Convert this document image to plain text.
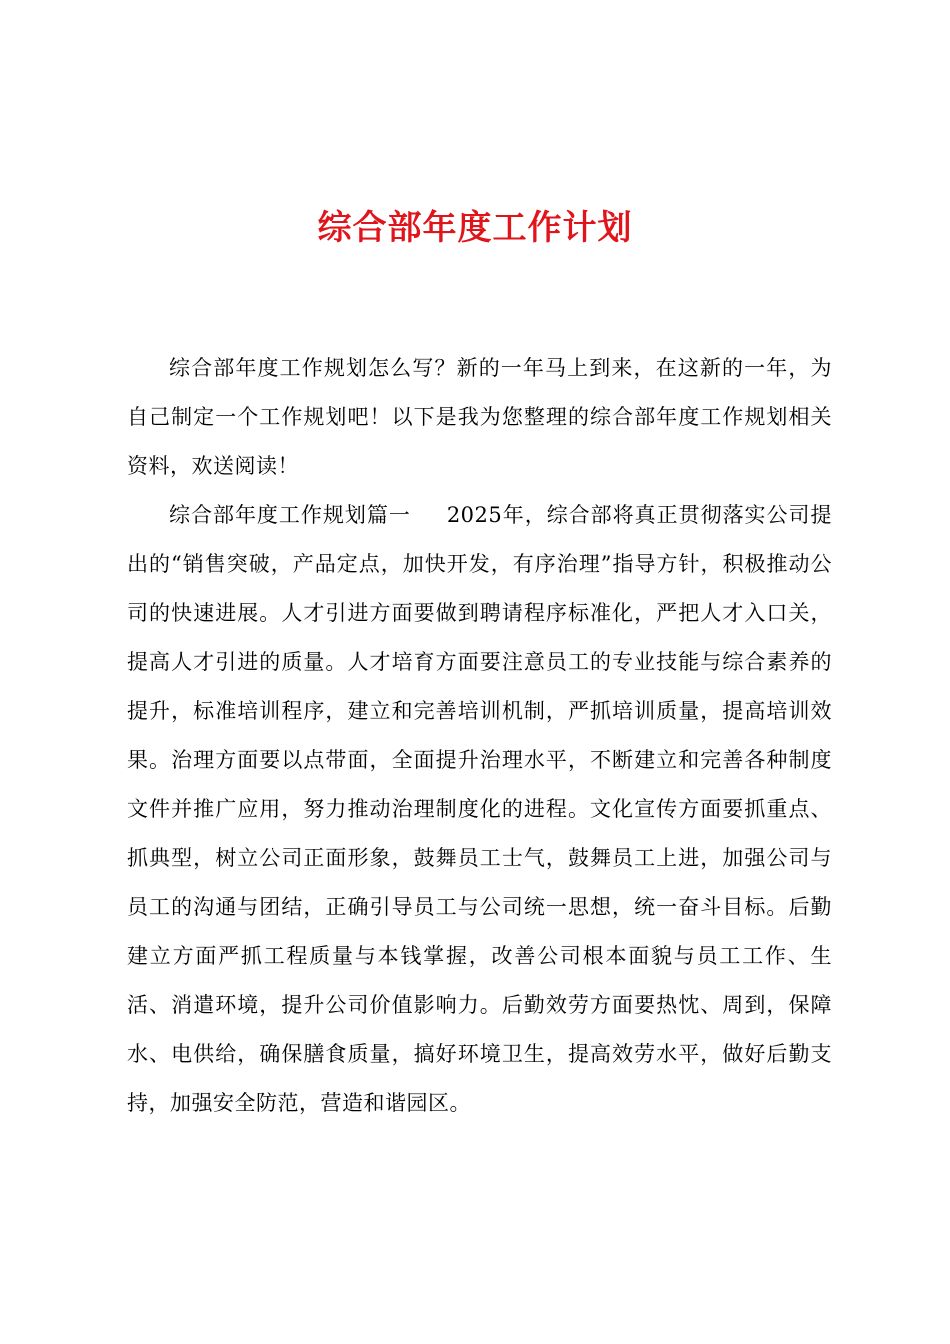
综合部年度工作计划

综合部年度工作规划怎么写？新的一年马上到来，在这新的一年，为自己制定一个工作规划吧！以下是我为您整理的综合部年度工作规划相关资料，欢送阅读！

综合部年度工作规划篇一 2025年，综合部将真正贯彻落实公司提出的“销售突破，产品定点，加快开发，有序治理”指导方针，积极推动公司的快速进展。人才引进方面要做到聘请程序标准化，严把人才入口关，提高人才引进的质量。人才培育方面要注意员工的专业技能与综合素养的提升，标准培训程序，建立和完善培训机制，严抓培训质量，提高培训效果。治理方面要以点带面，全面提升治理水平，不断建立和完善各种制度文件并推广应用，努力推动治理制度化的进程。文化宣传方面要抓重点、抓典型，树立公司正面形象，鼓舞员工士气，鼓舞员工上进，加强公司与员工的沟通与团结，正确引导员工与公司统一思想，统一奋斗目标。后勤建立方面严抓工程质量与本钱掌握，改善公司根本面貌与员工工作、生活、消遣环境，提升公司价值影响力。后勤效劳方面要热忱、周到，保障水、电供给，确保膳食质量，搞好环境卫生，提高效劳水平，做好后勤支持，加强安全防范，营造和谐园区。
